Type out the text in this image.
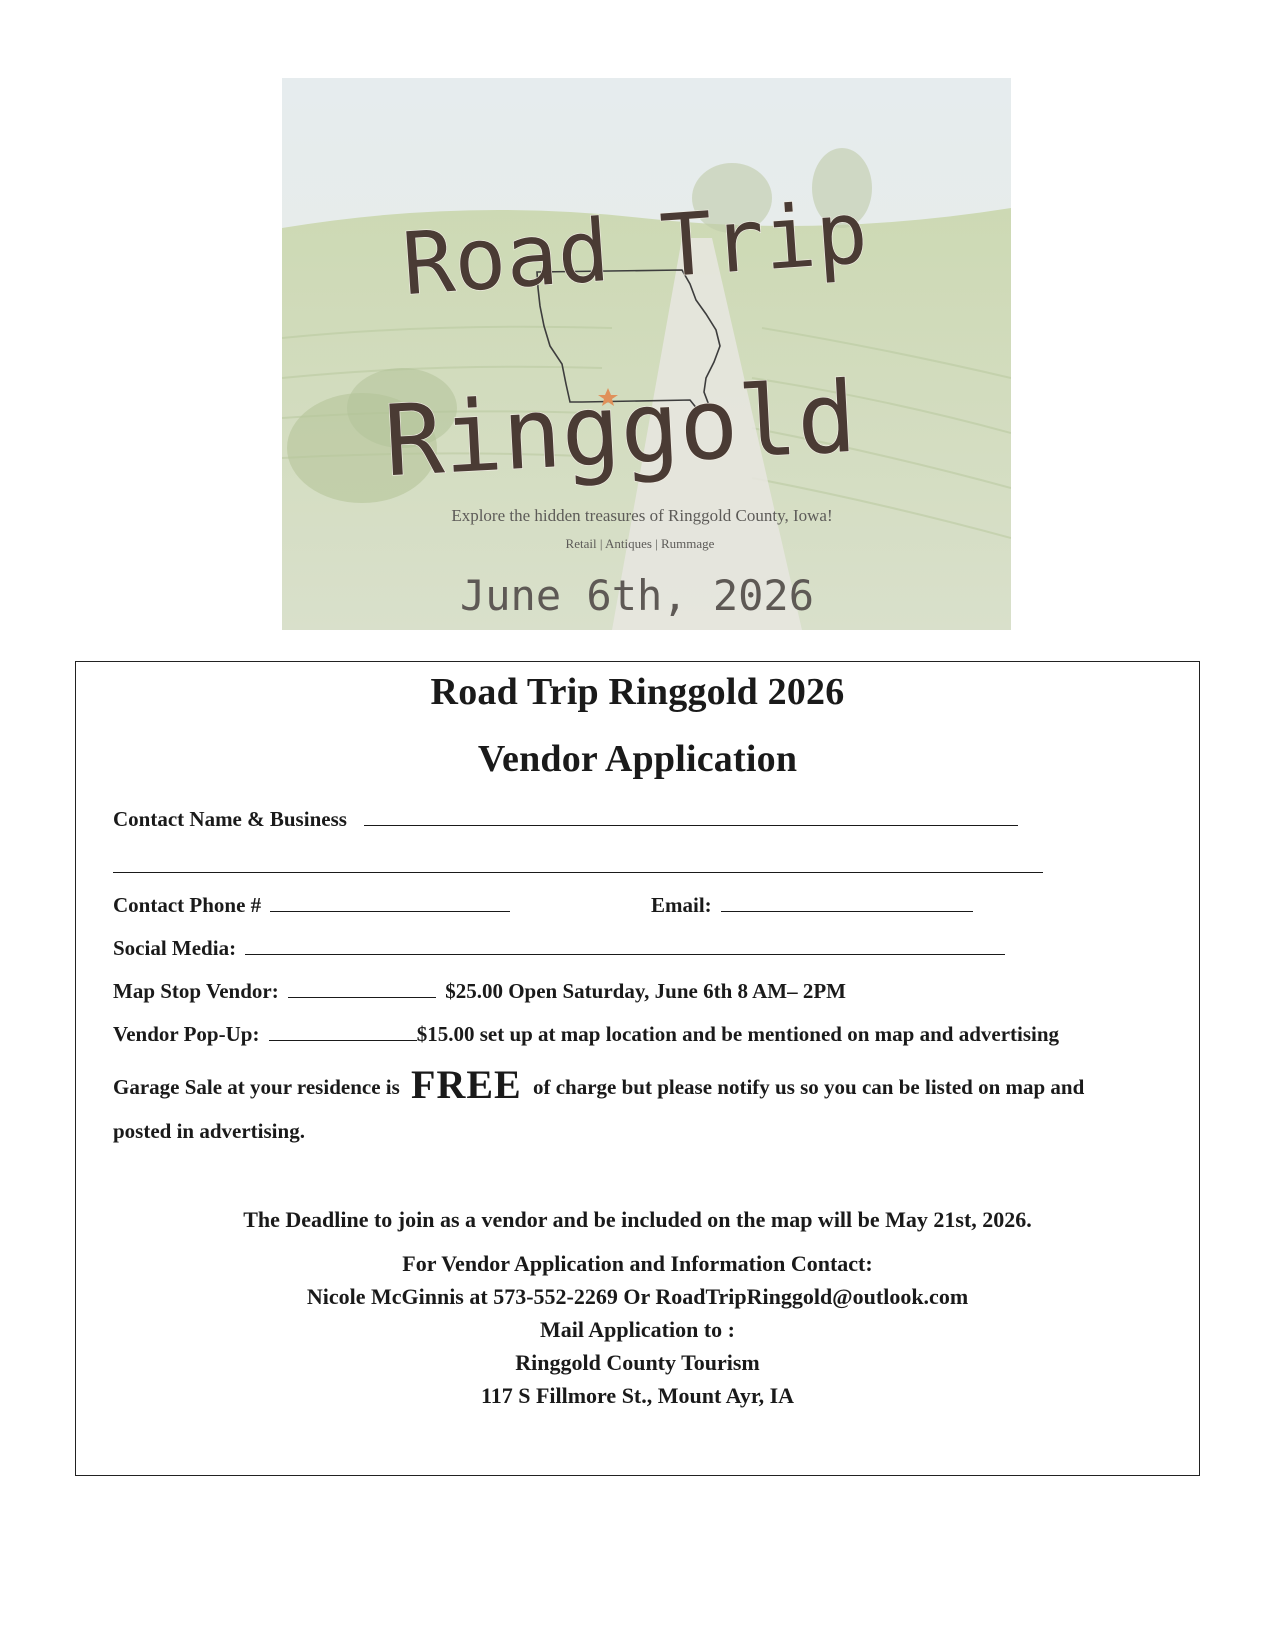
Road Trip
Ringgold
Explore the hidden treasures of Ringgold County, Iowa!
Retail | Antiques | Rummage
June 6th, 2026
Road Trip Ringgold 2026
Vendor Application
Contact Name & Business
Contact Phone #	Email:
Social Media:
Map Stop Vendor:	$25.00 Open Saturday, June 6th 8 AM– 2PM
Vendor Pop-Up:	$15.00 set up at map location and be mentioned on map and advertising
Garage Sale at your residence is FREE of charge but please notify us so you can be listed on map and
posted in advertising.
The Deadline to join as a vendor and be included on the map will be May 21st, 2026.
For Vendor Application and Information Contact:
Nicole McGinnis at 573-552-2269 Or RoadTripRinggold@outlook.com
Mail Application to :
Ringgold County Tourism
117 S Fillmore St., Mount Ayr, IA
